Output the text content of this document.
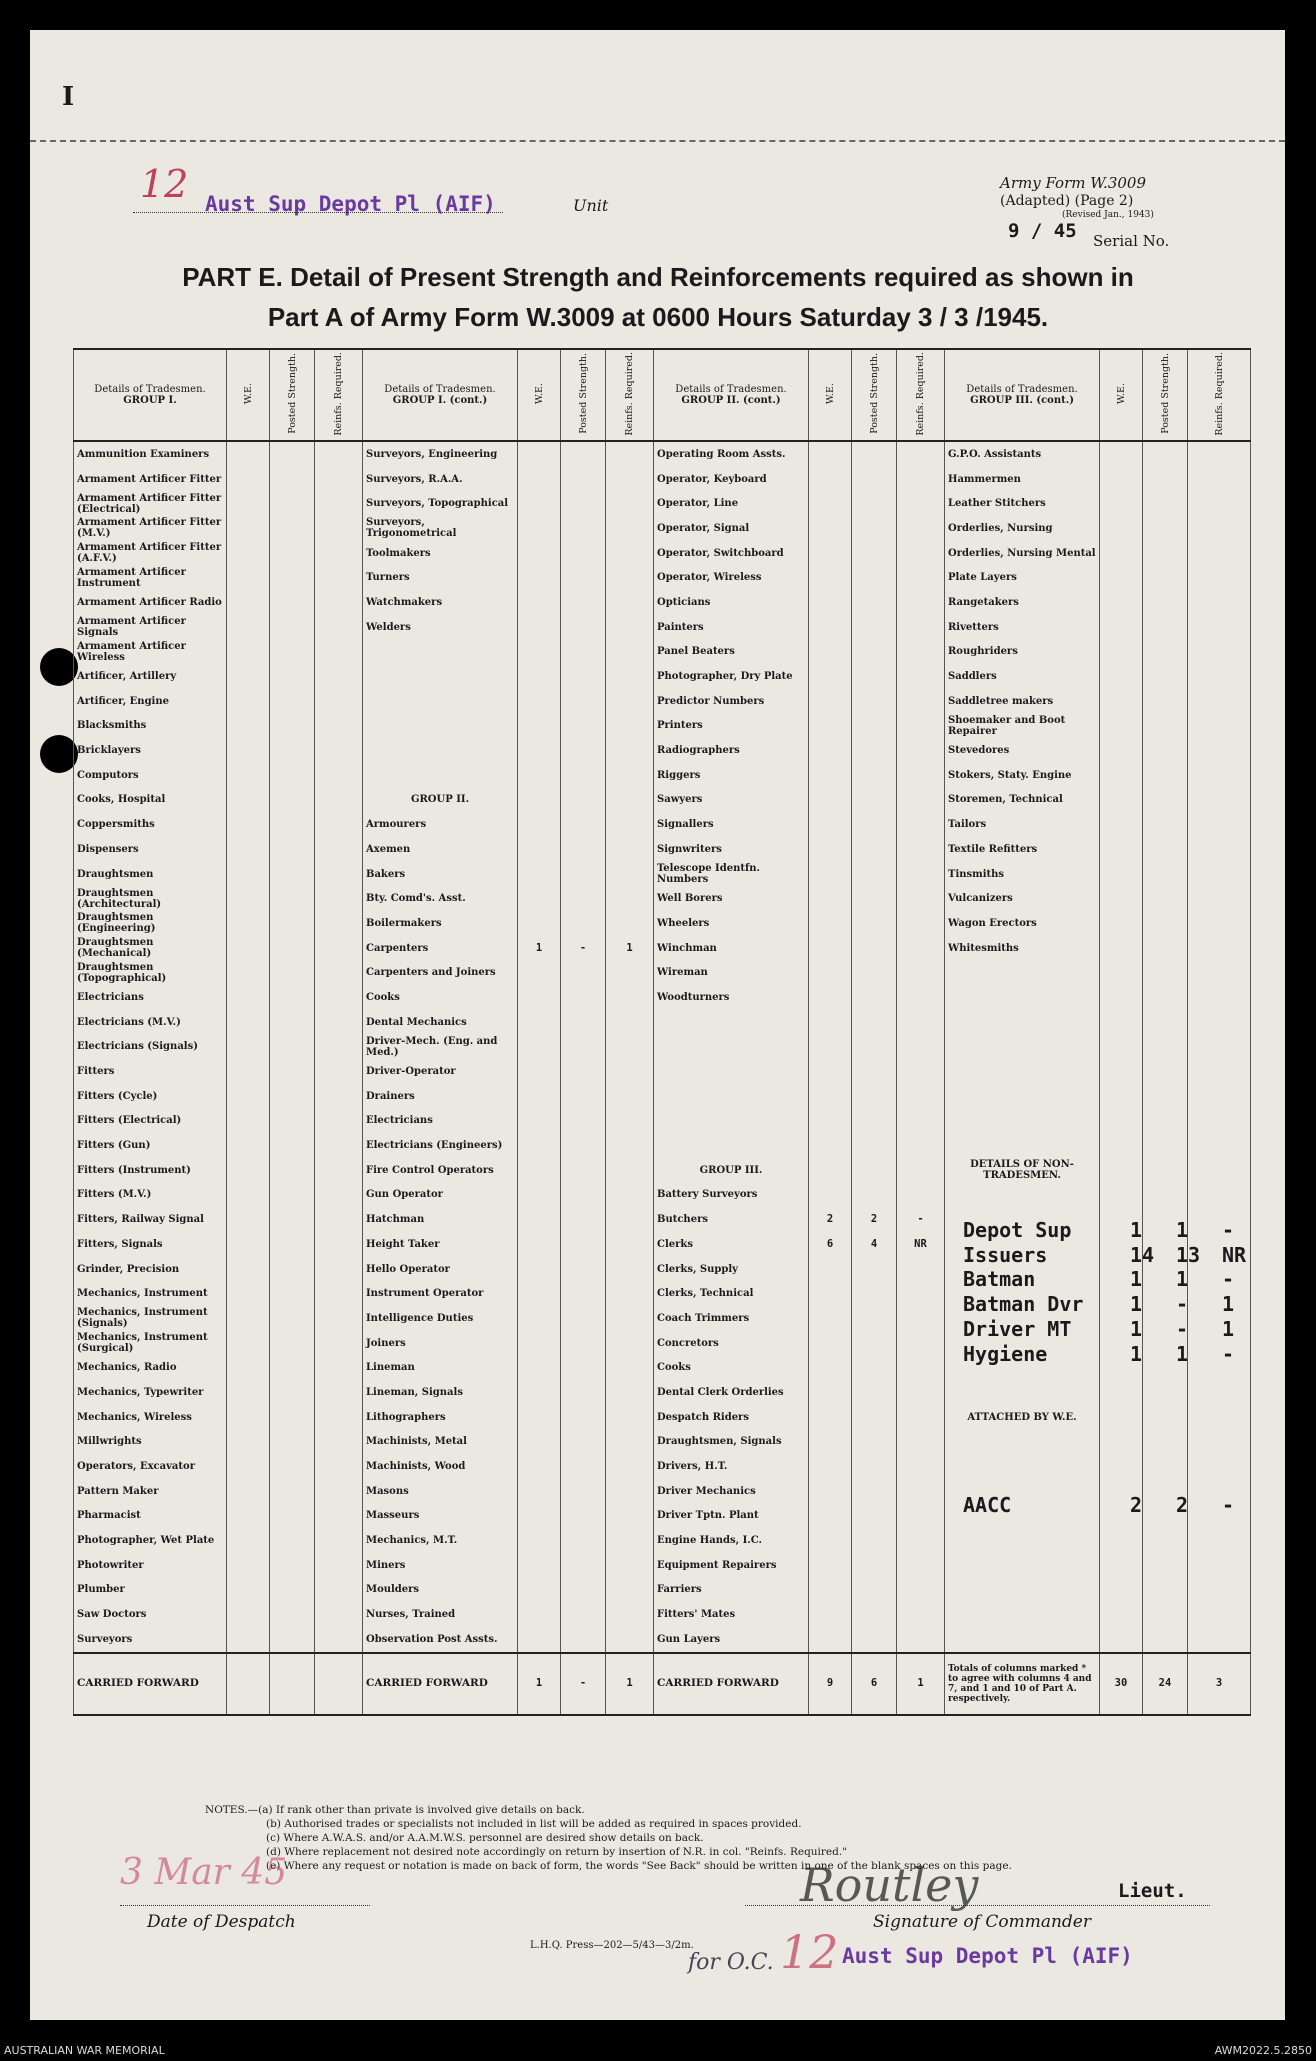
I
12 Aust Sup Depot Pl (AIF)	Unit
Army Form W.3009
(Adapted) (Page 2)
(Revised Jan., 1943)
9 / 45 Serial No.
PART E. Detail of Present Strength and Reinforcements required as shown in
Part A of Army Form W.3009 at 0600 Hours Saturday 3 / 3 /1945.
Details of Tradesmen.
GROUP I.	W.E.	Posted Strength.	Reinfs. Required.	Details of Tradesmen.
GROUP I. (cont.)	W.E.	Posted Strength.	Reinfs. Required.	Details of Tradesmen.
GROUP II. (cont.)	W.E.	Posted Strength.	Reinfs. Required.	Details of Tradesmen.
GROUP III. (cont.)	W.E.	Posted Strength.	Reinfs. Required.
Ammunition Examiners				Surveyors, Engineering				Operating Room Assts.				G.P.O. Assistants			
Armament Artificer Fitter				Surveyors, R.A.A.				Operator, Keyboard				Hammermen			
Armament Artificer Fitter (Electrical)				Surveyors, Topographical				Operator, Line				Leather Stitchers			
Armament Artificer Fitter (M.V.)				Surveyors, Trigonometrical				Operator, Signal				Orderlies, Nursing			
Armament Artificer Fitter (A.F.V.)				Toolmakers				Operator, Switchboard				Orderlies, Nursing Mental			
Armament Artificer Instrument				Turners				Operator, Wireless				Plate Layers			
Armament Artificer Radio				Watchmakers				Opticians				Rangetakers			
Armament Artificer Signals				Welders				Painters				Rivetters			
Armament Artificer Wireless								Panel Beaters				Roughriders			
Artificer, Artillery								Photographer, Dry Plate				Saddlers			
Artificer, Engine								Predictor Numbers				Saddletree makers			
Blacksmiths								Printers				Shoemaker and Boot Repairer			
Bricklayers								Radiographers				Stevedores			
Computors								Riggers				Stokers, Staty. Engine			
Cooks, Hospital				GROUP II.				Sawyers				Storemen, Technical			
Coppersmiths				Armourers				Signallers				Tailors			
Dispensers				Axemen				Signwriters				Textile Refitters			
Draughtsmen				Bakers				Telescope Identfn. Numbers				Tinsmiths			
Draughtsmen (Architectural)				Bty. Comd's. Asst.				Well Borers				Vulcanizers			
Draughtsmen (Engineering)				Boilermakers				Wheelers				Wagon Erectors			
Draughtsmen (Mechanical)				Carpenters	1	-	1	Winchman				Whitesmiths			
Draughtsmen (Topographical)				Carpenters and Joiners				Wireman							
Electricians				Cooks				Woodturners							
Electricians (M.V.)				Dental Mechanics											
Electricians (Signals)				Driver-Mech. (Eng. and Med.)											
Fitters				Driver-Operator											
Fitters (Cycle)				Drainers											
Fitters (Electrical)				Electricians											
Fitters (Gun)				Electricians (Engineers)											
Fitters (Instrument)				Fire Control Operators				GROUP III.				DETAILS OF NON-TRADESMEN.			
Fitters (M.V.)				Gun Operator				Battery Surveyors							
Fitters, Railway Signal				Hatchman				Butchers	2	2	-				
Fitters, Signals				Height Taker				Clerks	6	4	NR				
Grinder, Precision				Hello Operator				Clerks, Supply							
Mechanics, Instrument				Instrument Operator				Clerks, Technical							
Mechanics, Instrument (Signals)				Intelligence Duties				Coach Trimmers							
Mechanics, Instrument (Surgical)				Joiners				Concretors							
Mechanics, Radio				Lineman				Cooks							
Mechanics, Typewriter				Lineman, Signals				Dental Clerk Orderlies							
Mechanics, Wireless				Lithographers				Despatch Riders				ATTACHED BY W.E.			
Millwrights				Machinists, Metal				Draughtsmen, Signals							
Operators, Excavator				Machinists, Wood				Drivers, H.T.							
Pattern Maker				Masons				Driver Mechanics							
Pharmacist				Masseurs				Driver Tptn. Plant							
Photographer, Wet Plate				Mechanics, M.T.				Engine Hands, I.C.							
Photowriter				Miners				Equipment Repairers							
Plumber				Moulders				Farriers							
Saw Doctors				Nurses, Trained				Fitters' Mates							
Surveyors				Observation Post Assts.				Gun Layers							
CARRIED FORWARD				CARRIED FORWARD	1	-	1	CARRIED FORWARD	9	6	1	Totals of columns marked * to agree with columns 4 and 7, and 1 and 10 of Part A. respectively.	30	24	3
Depot Sup	1 1 -
Issuers	14 13 NR
Batman	1 1 -
Batman Dvr 1 - 1
Driver MT	1 - 1
Hygiene	1 1 -
AACC	2 2 -
NOTES.—(a) If rank other than private is involved give details on back.
(b) Authorised trades or specialists not included in list will be added as required in spaces provided.
(c) Where A.W.A.S. and/or A.A.M.W.S. personnel are desired show details on back.
(d) Where replacement not desired note accordingly on return by insertion of N.R. in col. "Reinfs. Required."
(e) Where any request or notation is made on back of form, the words "See Back" should be written in one of the blank spaces on this page.
3 Mar 45
Date of Despatch
L.H.Q. Press—202—5/43—3/2m.
Routley	Lieut.
Signature of Commander
for O.C. 12 Aust Sup Depot Pl (AIF)
AUSTRALIAN WAR MEMORIAL	AWM2022.5.2850
